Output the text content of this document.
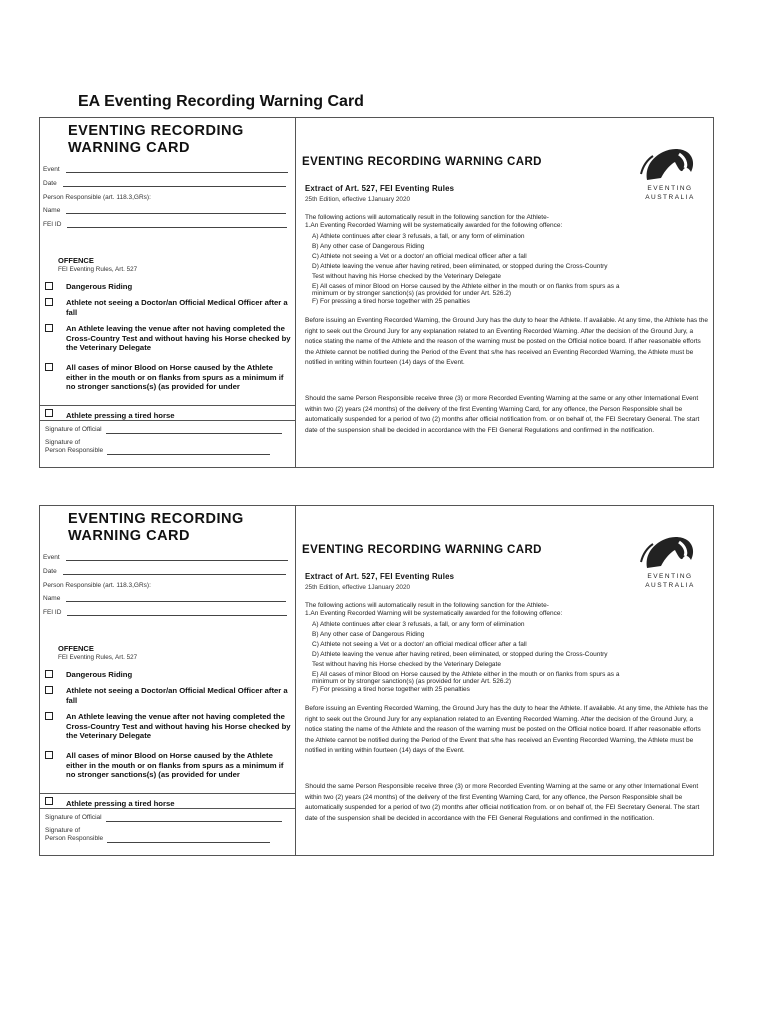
EA Eventing Recording Warning Card
EVENTING RECORDING WARNING CARD
Event
Date
Person Responsible (art. 118.3,GRs):
Name
FEI ID
OFFENCE
FEI Eventing Rules, Art. 527
Dangerous Riding
Athlete not seeing a Doctor/an Official Medical Officer after a fall
An Athlete leaving the venue after not having completed the Cross-Country Test and without having his Horse checked by the Veterinary Delegate
All cases of minor Blood on Horse caused by the Athlete either in the mouth or on flanks from spurs as a minimum if no stronger sanctions(s) (as provided for under
Athlete pressing a tired horse
Signature of Official
Signature of
Person Responsible
EVENTING RECORDING WARNING CARD
EVENTING
AUSTRALIA
Extract of Art. 527, FEI Eventing Rules
25th Edition, effective 1January 2020
The following actions will automatically result in the following sanction for the Athlete-
1.An Eventing Recorded Warning will be systematically awarded for the following offence:
A) Athlete continues after clear 3 refusals, a fall, or any form of elimination
B) Any other case of Dangerous Riding
C) Athlete not seeing a Vet or a doctor/ an official medical officer after a fall
D) Athlete leaving the venue after having retired, been eliminated, or stopped during the Cross-Country
Test without having his Horse checked by the Veterinary Delegate
E) All cases of minor Blood on Horse caused by the Athlete either in the mouth or on flanks from spurs as a
minimum or by stronger sanction(s) (as provided for under Art. 526.2)
F) For pressing a tired horse together with 25 penalties
Before issuing an Eventing Recorded Warning, the Ground Jury has the duty to hear the Athlete. If available. At any time, the Athlete has the right to seek out the Ground Jury for any explanation related to an Eventing Recorded Warning. After the decision of the Ground Jury, a notice stating the name of the Athlete and the reason of the warning must be posted on the Official notice board. If after reasonable efforts the Athlete cannot be notified during the Period of the Event that s/he has received an Eventing Recorded Warning, the Athlete must be notified in writing within fourteen (14) days of the Event.
Should the same Person Responsible receive three (3) or more Recorded Eventing Warning at the same or any other International Event within two (2) years (24 months) of the delivery of the first Eventing Warning Card, for any offence, the Person Responsible shall be automatically suspended for a period of two (2) months after official notification from. or on behalf of, the FEI Secretary General. The start date of the suspension shall be decided in accordance with the FEI General Regulations and confirmed in the notification.
EVENTING RECORDING WARNING CARD
Event
Date
Person Responsible (art. 118.3,GRs):
Name
FEI ID
OFFENCE
FEI Eventing Rules, Art. 527
Dangerous Riding
Athlete not seeing a Doctor/an Official Medical Officer after a fall
An Athlete leaving the venue after not having completed the Cross-Country Test and without having his Horse checked by the Veterinary Delegate
All cases of minor Blood on Horse caused by the Athlete either in the mouth or on flanks from spurs as a minimum if no stronger sanctions(s) (as provided for under
Athlete pressing a tired horse
Signature of Official
Signature of
Person Responsible
EVENTING RECORDING WARNING CARD
EVENTING
AUSTRALIA
Extract of Art. 527, FEI Eventing Rules
25th Edition, effective 1January 2020
The following actions will automatically result in the following sanction for the Athlete-
1.An Eventing Recorded Warning will be systematically awarded for the following offence:
A) Athlete continues after clear 3 refusals, a fall, or any form of elimination
B) Any other case of Dangerous Riding
C) Athlete not seeing a Vet or a doctor/ an official medical officer after a fall
D) Athlete leaving the venue after having retired, been eliminated, or stopped during the Cross-Country
Test without having his Horse checked by the Veterinary Delegate
E) All cases of minor Blood on Horse caused by the Athlete either in the mouth or on flanks from spurs as a
minimum or by stronger sanction(s) (as provided for under Art. 526.2)
F) For pressing a tired horse together with 25 penalties
Before issuing an Eventing Recorded Warning, the Ground Jury has the duty to hear the Athlete. If available. At any time, the Athlete has the right to seek out the Ground Jury for any explanation related to an Eventing Recorded Warning. After the decision of the Ground Jury, a notice stating the name of the Athlete and the reason of the warning must be posted on the Official notice board. If after reasonable efforts the Athlete cannot be notified during the Period of the Event that s/he has received an Eventing Recorded Warning, the Athlete must be notified in writing within fourteen (14) days of the Event.
Should the same Person Responsible receive three (3) or more Recorded Eventing Warning at the same or any other International Event within two (2) years (24 months) of the delivery of the first Eventing Warning Card, for any offence, the Person Responsible shall be automatically suspended for a period of two (2) months after official notification from. or on behalf of, the FEI Secretary General. The start date of the suspension shall be decided in accordance with the FEI General Regulations and confirmed in the notification.
